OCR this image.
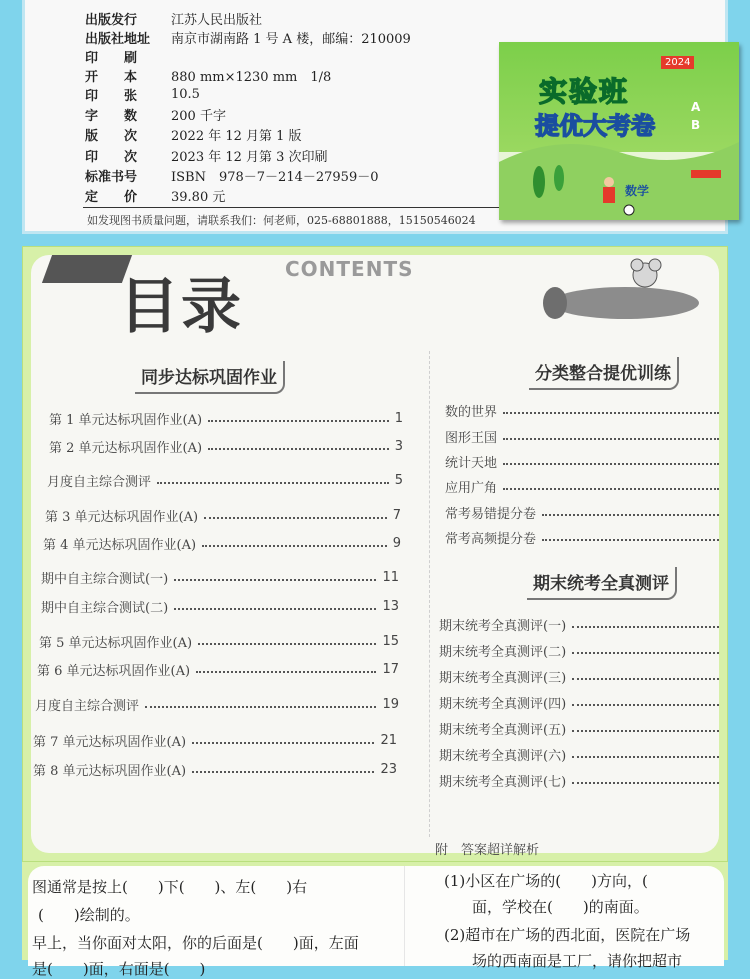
出版发行	江苏人民出版社
出版社地址	南京市湖南路 1 号 A 楼，邮编：210009
印　　刷
开　　本	880 mm×1230 mm　1/8
印　　张	10.5
字　　数	200 千字
版　　次	2022 年 12 月第 1 版
印　　次	2023 年 12 月第 3 次印刷
标准书号	ISBN　978－7－214－27959－0
定　　价	39.80 元
如发现图书质量问题，请联系我们：何老师，025-68801888，15150546024
2024
实验班
提优大考卷
A
B
数学
目录
CONTENTS
同步达标巩固作业
第 1 单元达标巩固作业(A)	1
第 2 单元达标巩固作业(A)	3
月度自主综合测评	5
第 3 单元达标巩固作业(A)	7
第 4 单元达标巩固作业(A)	9
期中自主综合测试(一)	11
期中自主综合测试(二)	13
第 5 单元达标巩固作业(A)	15
第 6 单元达标巩固作业(A)	17
月度自主综合测评	19
第 7 单元达标巩固作业(A)	21
第 8 单元达标巩固作业(A)	23
分类整合提优训练
数的世界
图形王国
统计天地
应用广角
常考易错提分卷
常考高频提分卷
期末统考全真测评
期末统考全真测评(一)
期末统考全真测评(二)
期末统考全真测评(三)
期末统考全真测评(四)
期末统考全真测评(五)
期末统考全真测评(六)
期末统考全真测评(七)
附　答案超详解析
图通常是按上(　　)下(　　)、左(　　)右
(　　)绘制的。
早上，当你面对太阳，你的后面是(　　)面，左面
是(　　)面，右面是(　　)
(1)小区在广场的(　　)方向，(　　
面，学校在(　　)的南面。
(2)超市在广场的西北面，医院在广场
场的西南面是工厂，请你把超市
